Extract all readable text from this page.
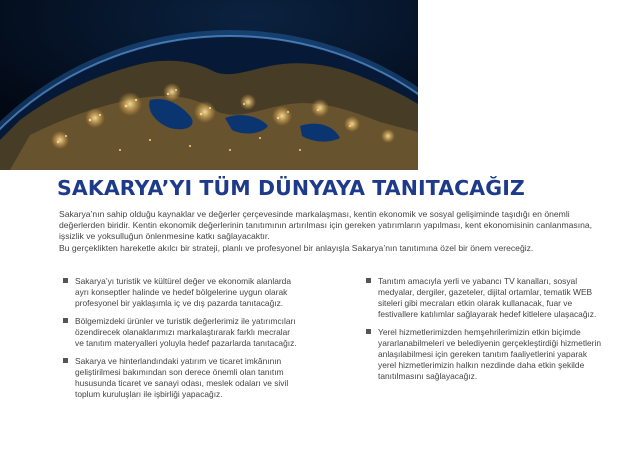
SAKARYA’YI TÜM DÜNYAYA TANITACAĞIZ

Sakarya’nın sahip olduğu kaynaklar ve değerler çerçevesinde markalaşması, kentin ekonomik ve sosyal gelişiminde taşıdığı en önemli değerlerden biridir. Kentin ekonomik değerlerinin tanıtımının artırılması için gereken yatırımların yapılması, kent ekonomisinin canlanmasına, işsizlik ve yoksulluğun önlenmesine katkı sağlayacaktır.

Bu gerçeklikten hareketle akılcı bir strateji, planlı ve profesyonel bir anlayışla Sakarya’nın tanıtımına özel bir önem vereceğiz.

Sakarya’yı turistik ve kültürel değer ve ekonomik alanlarda ayrı konseptler halinde ve hedef bölgelerine uygun olarak profesyonel bir yaklaşımla iç ve dış pazarda tanıtacağız.
Bölgemizdeki ürünler ve turistik değerlerimiz ile yatırımcıları özendirecek olanaklarımızı markalaştırarak farklı mecralar ve tanıtım materyalleri yoluyla hedef pazarlarda tanıtacağız.
Sakarya ve hinterlandındaki yatırım ve ticaret imkânının geliştirilmesi bakımından son derece önemli olan tanıtım hususunda ticaret ve sanayi odası, meslek odaları ve sivil toplum kuruluşları ile işbirliği yapacağız.
Tanıtım amacıyla yerli ve yabancı TV kanalları, sosyal medyalar, dergiler, gazeteler, dijital ortamlar, tematik WEB siteleri gibi mecraları etkin olarak kullanacak, fuar ve festivallere katılımlar sağlayarak hedef kitlelere ulaşacağız.
Yerel hizmetlerimizden hemşehrilerimizin etkin biçimde yararlanabilmeleri ve belediyenin gerçekleştirdiği hizmetlerin anlaşılabilmesi için gereken tanıtım faaliyetlerini yaparak yerel hizmetlerimizin halkın nezdinde daha etkin şekilde tanıtılmasını sağlayacağız.
